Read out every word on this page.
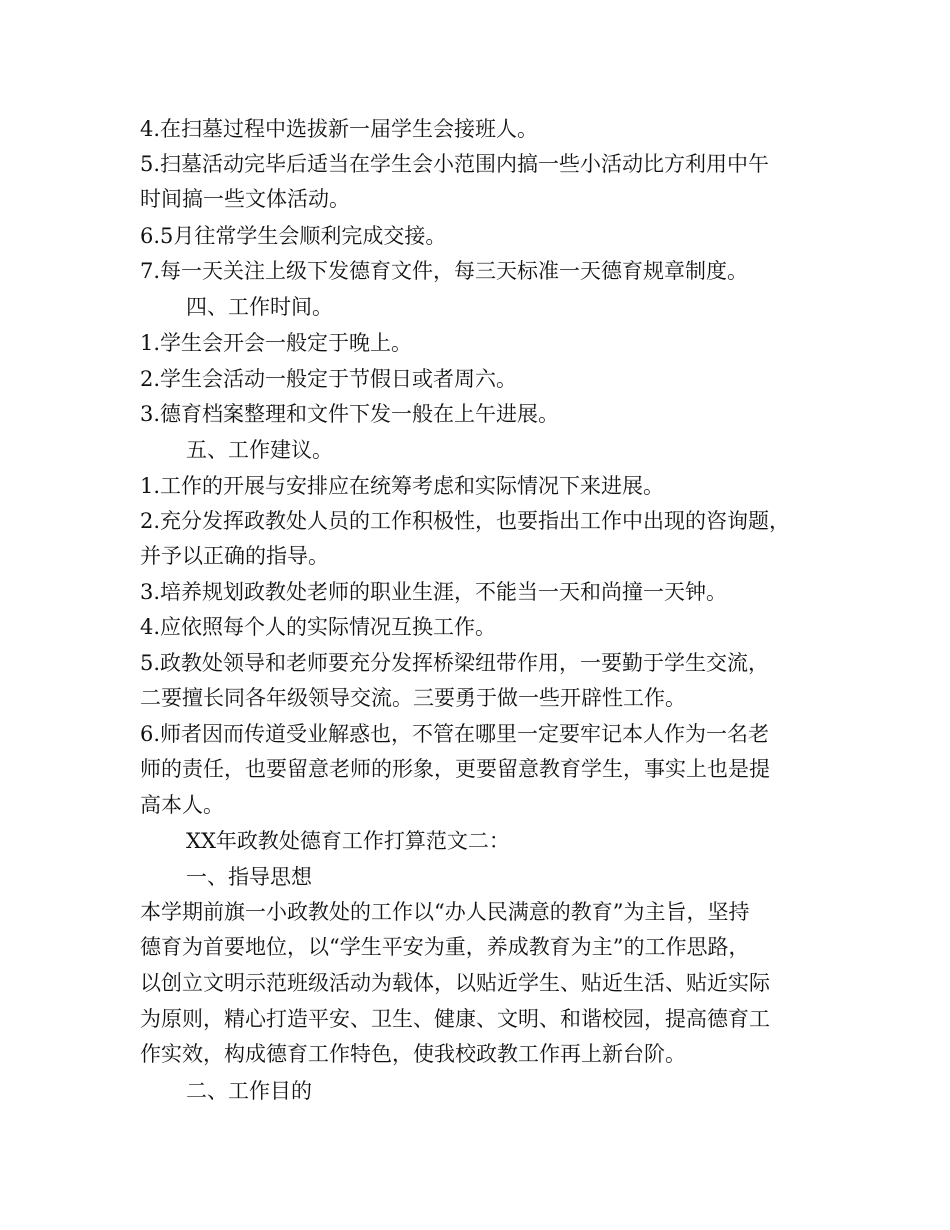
4.在扫墓过程中选拔新一届学生会接班人。
5.扫墓活动完毕后适当在学生会小范围内搞一些小活动比方利用中午
时间搞一些文体活动。
6.5月往常学生会顺利完成交接。
7.每一天关注上级下发德育文件，每三天标准一天德育规章制度。
四、工作时间。
1.学生会开会一般定于晚上。
2.学生会活动一般定于节假日或者周六。
3.德育档案整理和文件下发一般在上午进展。
五、工作建议。
1.工作的开展与安排应在统筹考虑和实际情况下来进展。
2.充分发挥政教处人员的工作积极性，也要指出工作中出现的咨询题，
并予以正确的指导。
3.培养规划政教处老师的职业生涯，不能当一天和尚撞一天钟。
4.应依照每个人的实际情况互换工作。
5.政教处领导和老师要充分发挥桥梁纽带作用，一要勤于学生交流，
二要擅长同各年级领导交流。三要勇于做一些开辟性工作。
6.师者因而传道受业解惑也，不管在哪里一定要牢记本人作为一名老
师的责任，也要留意老师的形象，更要留意教育学生，事实上也是提
高本人。
XX年政教处德育工作打算范文二：
一、指导思想
本学期前旗一小政教处的工作以“办人民满意的教育”为主旨，坚持
德育为首要地位，以“学生平安为重，养成教育为主”的工作思路，
以创立文明示范班级活动为载体，以贴近学生、贴近生活、贴近实际
为原则，精心打造平安、卫生、健康、文明、和谐校园，提高德育工
作实效，构成德育工作特色，使我校政教工作再上新台阶。
二、工作目的
